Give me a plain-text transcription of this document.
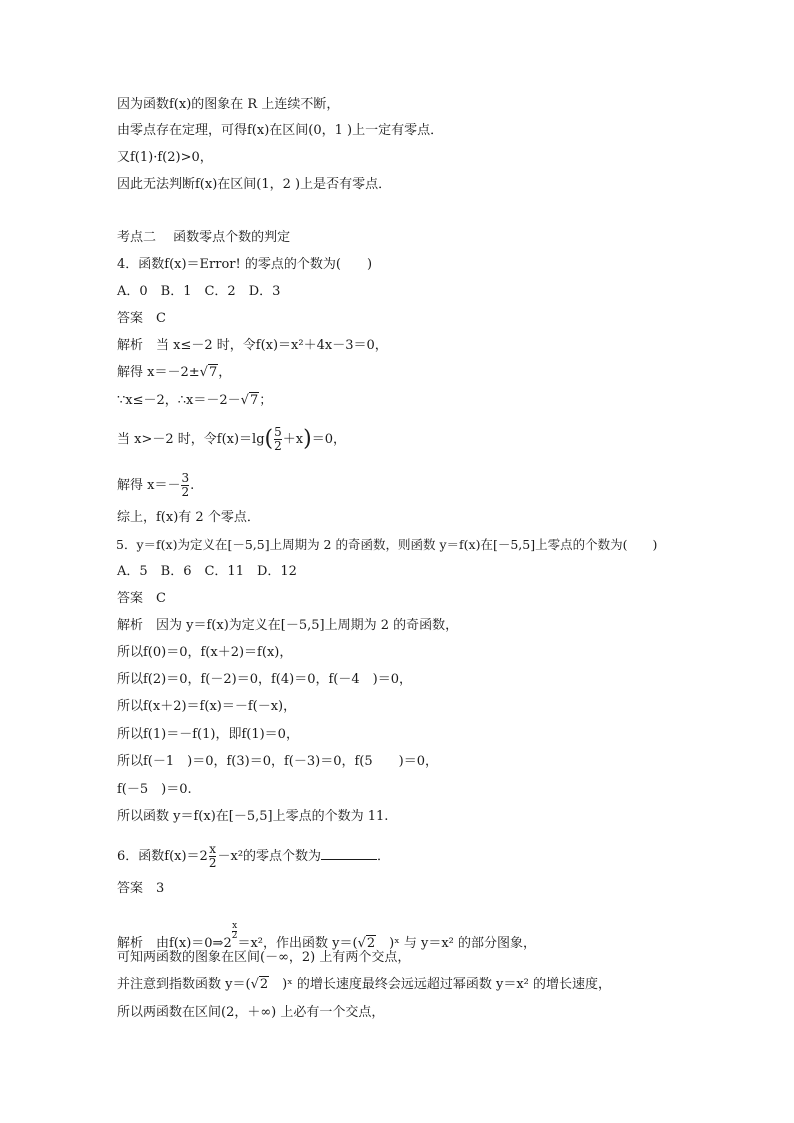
因为函数f(x)的图象在 R 上连续不断，
由零点存在定理，可得f(x)在区间(0，1 )上一定有零点．
又f(1)·f(2)>0，
因此无法判断f(x)在区间(1，2 )上是否有零点．
考点二　 函数零点个数的判定
4．函数f(x)＝Error! 的零点的个数为(　　)
A．0　B．1　C．2　D．3
答案　C
解析　当 x≤－2 时，令f(x)＝x²＋4x－3＝0，
解得 x＝－2±√7，
∵x≤－2，∴x＝－2－√7；
当 x>－2 时，令$f(x)=\lg( \frac{5}{2} +x)=0$，
解得 $x=- \frac{3}{2}$ .
综上，f(x)有 2 个零点．
5．y＝f(x)为定义在[－5,5]上周期为 2 的奇函数，则函数 y＝f(x)在[－5,5]上零点的个数为(　　)
A．5　B．6　C．11　D．12
答案　C
解析　因为 y＝f(x)为定义在[－5,5]上周期为 2 的奇函数，
所以f(0)＝0，f(x＋2)＝f(x)，
所以f(2)＝0，f(－2)＝0，f(4)＝0，f(－4　)＝0，
所以f(x＋2)＝f(x)＝－f(－x)，
所以f(1)＝－f(1)，即f(1)＝0，
所以f(－1　)＝0，f(3)＝0，f(－3)＝0，f(5　　)＝0，
f(－5　)＝0.
所以函数 y＝f(x)在[－5,5]上零点的个数为 11.
6．函数$f(x)=2 \frac{x}{2} -x^2$的零点个数为	．
答案　3
解析　由f(x)＝0⇒2
$\frac{x}{2}$
＝x²，作出函数 y＝(√2　)ˣ 与 y＝x² 的部分图象，
可知两函数的图象在区间(－∞，2) 上有两个交点，
并注意到指数函数 y＝(√2　)ˣ 的增长速度最终会远远超过幂函数 y＝x² 的增长速度，
所以两函数在区间(2，＋∞) 上必有一个交点，
